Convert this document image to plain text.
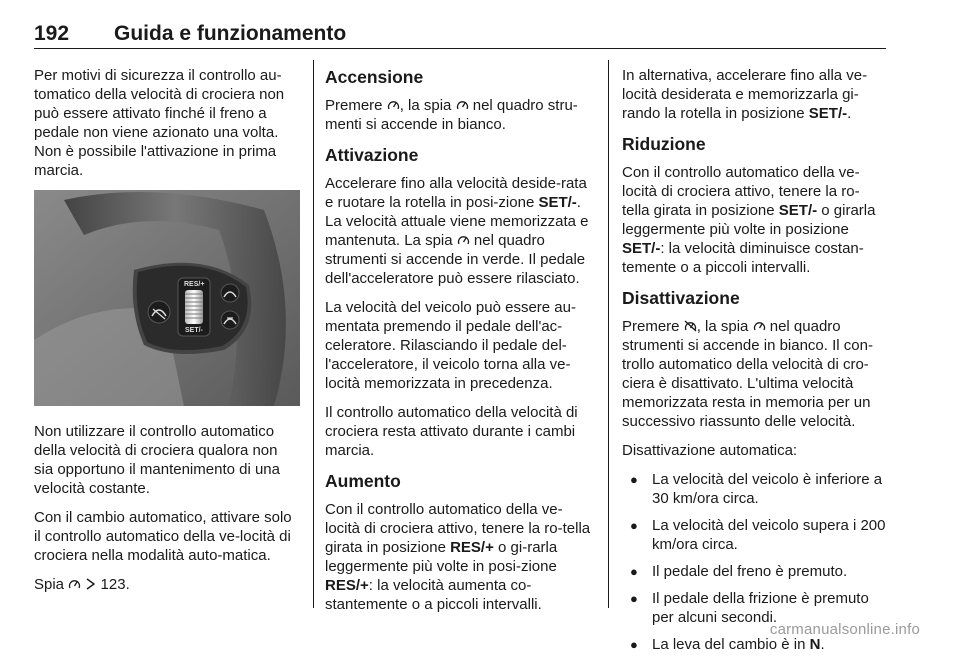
192 Guida e funzionamento

Per motivi di sicurezza il controllo au-tomatico della velocità di crociera non può essere attivato finché il freno a pedale non viene azionato una volta. Non è possibile l'attivazione in prima marcia.

RES/+
SET/-

Non utilizzare il controllo automatico della velocità di crociera qualora non sia opportuno il mantenimento di una velocità costante.

Con il cambio automatico, attivare solo il controllo automatico della ve-locità di crociera nella modalità auto-matica.

Spia

123.

Accensione

Premere
, la spia
nel quadro stru-menti si accende in bianco.

Attivazione

Accelerare fino alla velocità deside-rata e ruotare la rotella in posi-zione SET/-. La velocità attuale viene memorizzata e mantenuta. La spia
nel quadro strumenti si accende in verde. Il pedale dell'acceleratore può essere rilasciato.

La velocità del veicolo può essere au-mentata premendo il pedale dell'ac-celeratore. Rilasciando il pedale del-l'acceleratore, il veicolo torna alla ve-locità memorizzata in precedenza.

Il controllo automatico della velocità di crociera resta attivato durante i cambi marcia.

Aumento

Con il controllo automatico della ve-locità di crociera attivo, tenere la ro-tella girata in posizione RES/+ o gi-rarla leggermente più volte in posi-zione RES/+: la velocità aumenta co-stantemente o a piccoli intervalli.

In alternativa, accelerare fino alla ve-locità desiderata e memorizzarla gi-rando la rotella in posizione SET/-.

Riduzione

Con il controllo automatico della ve-locità di crociera attivo, tenere la ro-tella girata in posizione SET/- o girarla leggermente più volte in posizione SET/-: la velocità diminuisce costan-temente o a piccoli intervalli.

Disattivazione

Premere
, la spia
nel quadro strumenti si accende in bianco. Il con-trollo automatico della velocità di cro-ciera è disattivato. L'ultima velocità memorizzata resta in memoria per un successivo riassunto delle velocità.

Disattivazione automatica:

● La velocità del veicolo è inferiore a 30 km/ora circa.
● La velocità del veicolo supera i 200 km/ora circa.
● Il pedale del freno è premuto.
● Il pedale della frizione è premuto per alcuni secondi.
● La leva del cambio è in N.
carmanualsonline.info
